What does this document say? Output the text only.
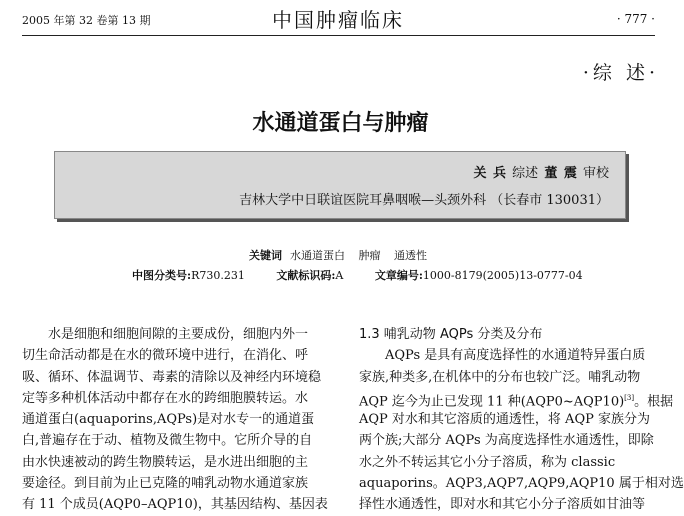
2005 年第 32 卷第 13 期	中国肿瘤临床	· 777 ·
·综 述·
水通道蛋白与肿瘤
关 兵 综述 董 震 审校
吉林大学中日联谊医院耳鼻咽喉—头颈外科 （长春市 130031）
关键词 水通道蛋白 肿瘤 通透性
中图分类号:R730.231	文献标识码:A	文章编号:1000-8179(2005)13-0777-04
水是细胞和细胞间隙的主要成份，细胞内外一
切生命活动都是在水的微环境中进行，在消化、呼
吸、循环、体温调节、毒素的清除以及神经内环境稳
定等多种机体活动中都存在水的跨细胞膜转运。水
通道蛋白(aquaporins,AQPs)是对水专一的通道蛋
白,普遍存在于动、植物及微生物中。它所介导的自
由水快速被动的跨生物膜转运，是水进出细胞的主
要途径。到目前为止已克隆的哺乳动物水通道家族
有 11 个成员(AQP0–AQP10)，其基因结构、基因表
1.3 哺乳动物 AQPs 分类及分布
AQPs 是具有高度选择性的水通道特异蛋白质
家族,种类多,在机体中的分布也较广泛。哺乳动物
AQP 迄今为止已发现 11 种(AQP0~AQP10)[3]。根据
AQP 对水和其它溶质的通透性，将 AQP 家族分为
两个族;大部分 AQPs 为高度选择性水通透性，即除
水之外不转运其它小分子溶质，称为 classic
aquaporins。AQP3,AQP7,AQP9,AQP10 属于相对选
择性水通透性，即对水和其它小分子溶质如甘油等
